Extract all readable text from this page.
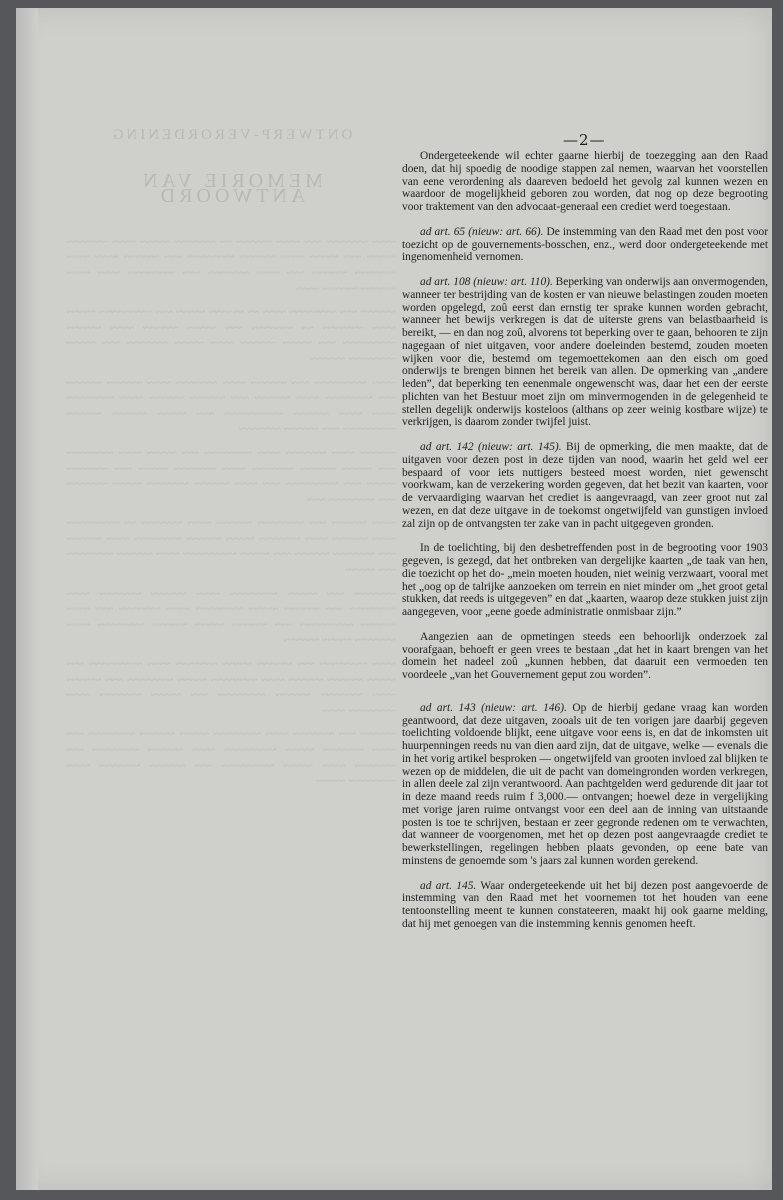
ONTWERP-VERORDENING
MEMORIE VAN ANTWOORD

~~~~ ~~~~~~~ ~~~ ~~~~ ~~~~~~ ~~ ~~~~~~~ ~~~~~ ~~~~ ~~~~~~~ ~~~~~ ~~~ ~~~~~ ~~~~ ~~~~~~ ~~~~~~~~ ~~~ ~~~~~~ ~~~~ ~~~~ ~~~~~~~ ~~~~~~ ~~~ ~~~~ ~~~~~~~ ~~~ ~~~~~~~~ ~~~~ ~~~~ ~~~~~~ ~~~~~~ ~~~~

~~~~~~ ~~~ ~~~~~~~~ ~~~~ ~~ ~~~~~~ ~~~~~ ~~~ ~~~~~~~~~ ~~~~~ ~~~~ ~~~~~~~ ~~ ~~~~~~~ ~~~ ~~~~~ ~~~~~~ ~~~~ ~~~~~~ ~~~~~~~~~ ~~~ ~~~~~ ~~~~~~ ~~~~ ~~~~~ ~~~~~~~ ~~~ ~~~~~ ~~~~~~~~ ~~~~~~

~~~~ ~~~~~~~~~ ~~~ ~~~~~~ ~~~~ ~~~~~~~ ~~~~ ~~~~~~ ~~~~~~ ~~~ ~~~~~~~~ ~~~~ ~~~~~~ ~~~ ~~~~~~ ~~~~~~ ~~~~ ~~~~~~~~ ~~~~ ~~~~ ~~~~~~ ~~~~~~~~~~ ~~~ ~~~~~ ~~~~~~ ~~~~~~ ~~~~~~~~~ ~~~ ~~~~~~ ~~~~~~~

~~~~~~ ~~~~ ~~~~~~~ ~~~~ ~~~~~~~~ ~~~ ~~~~~ ~~~~ ~~~~~~~~ ~~~ ~~~~~ ~~~~~~ ~~~~~~~ ~~~~ ~~~~~~~ ~~~~~ ~~~ ~~~~~~~ ~~~~~ ~~~ ~~~~~~~~~ ~~~ ~~~~ ~~~~~~ ~~~~~~~ ~~~~~ ~~~~~~~ ~~~ ~~~~~~~~ ~~~

~~~~ ~~~~~~ ~~~ ~~~~~~~~ ~~~~~~ ~~~~ ~~~~~~~ ~~ ~~~~~~~~~ ~~~~ ~~~~~~ ~~~~ ~~~~~~~ ~~~~~ ~~~~~~ ~~~~~~~~ ~~~~ ~~~~~~ ~~~ ~~~~~~~ ~~~~~~ ~~~ ~~~~~ ~~~~~~~~~ ~~~~ ~~~~~~ ~~~~~~~~ ~~~ ~~~~~

~~~~~~~ ~~~ ~~~~~ ~~~~~~~~ ~~~~ ~~~~~~ ~~~~~~~ ~~~~ ~~~~~~~~ ~~~ ~~~~~~ ~~~~~ ~~~~~~~~ ~~~~ ~~~~~~~ ~~~ ~~~~ ~~~~~~ ~~~~~~~~~ ~~~ ~~~~~~ ~~~~~ ~~~~~~ ~~~~~~~~ ~~~~ ~~~~~~~ ~~~~~ ~~~~~~

~~~~ ~~~~~~~~ ~~~ ~~~~~~ ~~~~~ ~~~~~~~ ~~~~ ~~~~~~~~~ ~~~ ~~~~~ ~~~~~~ ~~~~~~ ~~~~ ~~~~~~~~ ~~~~~ ~~~~~~~~ ~~~ ~~~~~~ ~~~~ ~~~~~~~ ~~~~~~ ~~~~~~~~ ~~~ ~~~~~ ~~~~~~~ ~~~~ ~~~~~~~~ ~~~~

~~~~~~ ~~~ ~~~~~~~ ~~~~ ~~~~~~~~ ~~~~~ ~~~~~~ ~~~~~~~~ ~~~ ~~~~ ~~~~~~~ ~~~~~ ~~~~~~~~~ ~~~~ ~~~~~~ ~~~~~~~~ ~~~ ~~~~~~~ ~~~~ ~~~~~ ~~~~~~~~~ ~~~ ~~~~~~ ~~~~~~~ ~~~~ ~~~~~~~~ ~~~~~

—2—

Ondergeteekende wil echter gaarne hierbij de toezegging aan den Raad doen, dat hij spoedig de noodige stappen zal nemen, waarvan het voorstellen van eene verordening als daareven bedoeld het gevolg zal kunnen wezen en waardoor de mogelijkheid geboren zou worden, dat nog op deze begrooting voor traktement van den advocaat-generaal een crediet werd toegestaan.

ad art. 65 (nieuw: art. 66). De instemming van den Raad met den post voor toezicht op de gouvernements-bosschen, enz., werd door ondergeteekende met ingenomenheid vernomen.

ad art. 108 (nieuw: art. 110). Beperking van onderwijs aan onvermogenden, wanneer ter bestrijding van de kosten er van nieuwe belastingen zouden moeten worden opgelegd, zoû eerst dan ernstig ter sprake kunnen worden gebracht, wanneer het bewijs verkregen is dat de uiterste grens van belastbaarheid is bereikt, — en dan nog zoû, alvorens tot beperking over te gaan, behooren te zijn nagegaan of niet uitgaven, voor andere doeleinden bestemd, zouden moeten wijken voor die, bestemd om tegemoettekomen aan den eisch om goed onderwijs te brengen binnen het bereik van allen. De opmerking van „andere leden”, dat beperking ten eenenmale ongewenscht was, daar het een der eerste plichten van het Bestuur moet zijn om minvermogenden in de gelegenheid te stellen degelijk onderwijs kosteloos (althans op zeer weinig kostbare wijze) te verkrijgen, is daarom zonder twijfel juist.

ad art. 142 (nieuw: art. 145). Bij de opmerking, die men maakte, dat de uitgaven voor dezen post in deze tijden van nood, waarin het geld wel eer bespaard of voor iets nuttigers besteed moest worden, niet gewenscht voorkwam, kan de verzekering worden gegeven, dat het bezit van kaarten, voor de vervaardiging waarvan het crediet is aangevraagd, van zeer groot nut zal wezen, en dat deze uitgave in de toekomst ongetwijfeld van gunstigen invloed zal zijn op de ontvangsten ter zake van in pacht uitgegeven gronden.

In de toelichting, bij den desbetreffenden post in de begrooting voor 1903 gegeven, is gezegd, dat het ontbreken van dergelijke kaarten „de taak van hen, die toezicht op het do- „mein moeten houden, niet weinig verzwaart, vooral met het „oog op de talrijke aanzoeken om terrein en niet minder om „het groot getal stukken, dat reeds is uitgegeven” en dat „kaarten, waarop deze stukken juist zijn aangegeven, voor „eene goede administratie onmisbaar zijn.”

Aangezien aan de opmetingen steeds een behoorlijk onderzoek zal voorafgaan, behoeft er geen vrees te bestaan „dat het in kaart brengen van het domein het nadeel zoû „kunnen hebben, dat daaruit een vermoeden ten voordeele „van het Gouvernement geput zou worden”.

ad art. 143 (nieuw: art. 146). Op de hierbij gedane vraag kan worden geantwoord, dat deze uitgaven, zooals uit de ten vorigen jare daarbij gegeven toelichting voldoende blijkt, eene uitgave voor eens is, en dat de inkomsten uit huurpenningen reeds nu van dien aard zijn, dat de uitgave, welke — evenals die in het vorig artikel besproken — ongetwijfeld van grooten invloed zal blijken te wezen op de middelen, die uit de pacht van domeingronden worden verkregen, in allen deele zal zijn verantwoord. Aan pachtgelden werd gedurende dit jaar tot in deze maand reeds ruim f 3,000.— ontvangen; hoewel deze in vergelijking met vorige jaren ruime ontvangst voor een deel aan de inning van uitstaande posten is toe te schrijven, bestaan er zeer gegronde redenen om te verwachten, dat wanneer de voorgenomen, met het op dezen post aangevraagde crediet te bewerkstellingen, regelingen hebben plaats gevonden, op eene bate van minstens de genoemde som 's jaars zal kunnen worden gerekend.

ad art. 145. Waar ondergeteekende uit het bij dezen post aangevoerde de instemming van den Raad met het voornemen tot het houden van eene tentoonstelling meent te kunnen constateeren, maakt hij ook gaarne melding, dat hij met genoegen van die instemming kennis genomen heeft.
